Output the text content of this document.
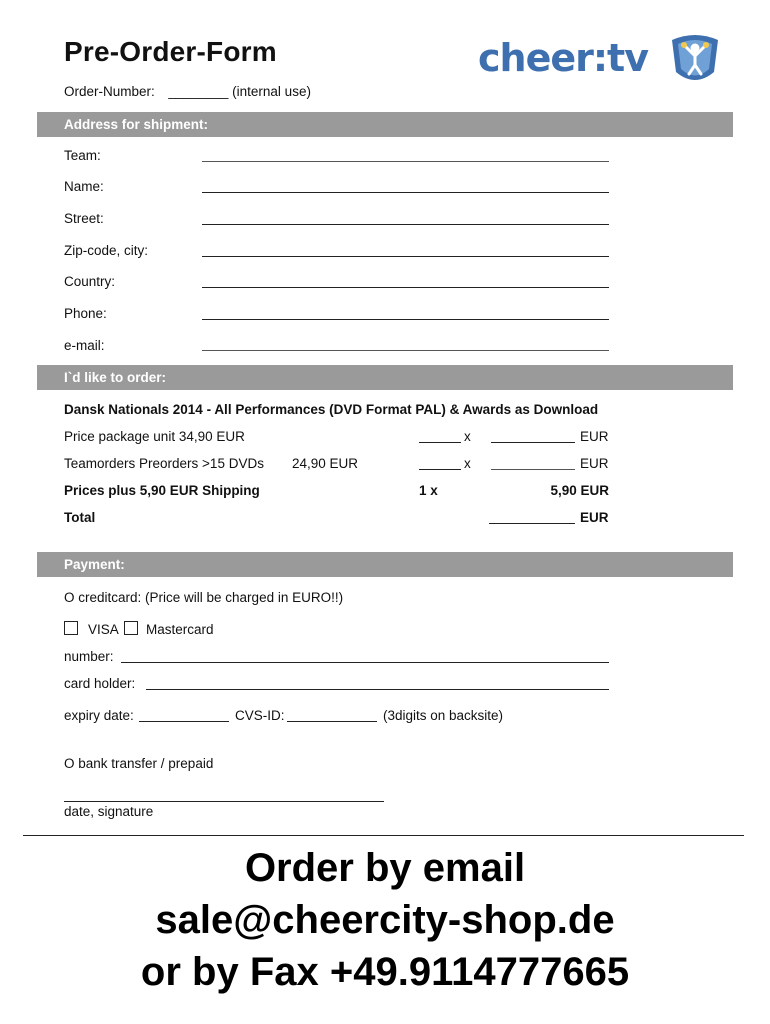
Pre-Order-Form
Order-Number: ________ (internal use)
cheer:tv
Address for shipment:
Team:
Name:
Street:
Zip-code, city:
Country:
Phone:
e-mail:
I`d like to order:
Dansk Nationals 2014 - All Performances (DVD Format PAL) & Awards as Download
Price package unit 34,90 EUR	x	EUR
Teamorders Preorders >15 DVDs 24,90 EUR	x	EUR
Prices plus 5,90 EUR Shipping	1 x	5,90 EUR
Total	EUR
Payment:
O creditcard: (Price will be charged in EURO!!)
VISA Mastercard
number:
card holder:
expiry date:	CVS-ID:	(3digits on backsite)
O bank transfer / prepaid
date, signature
Order by email
sale@cheercity-shop.de
or by Fax +49.9114777665
